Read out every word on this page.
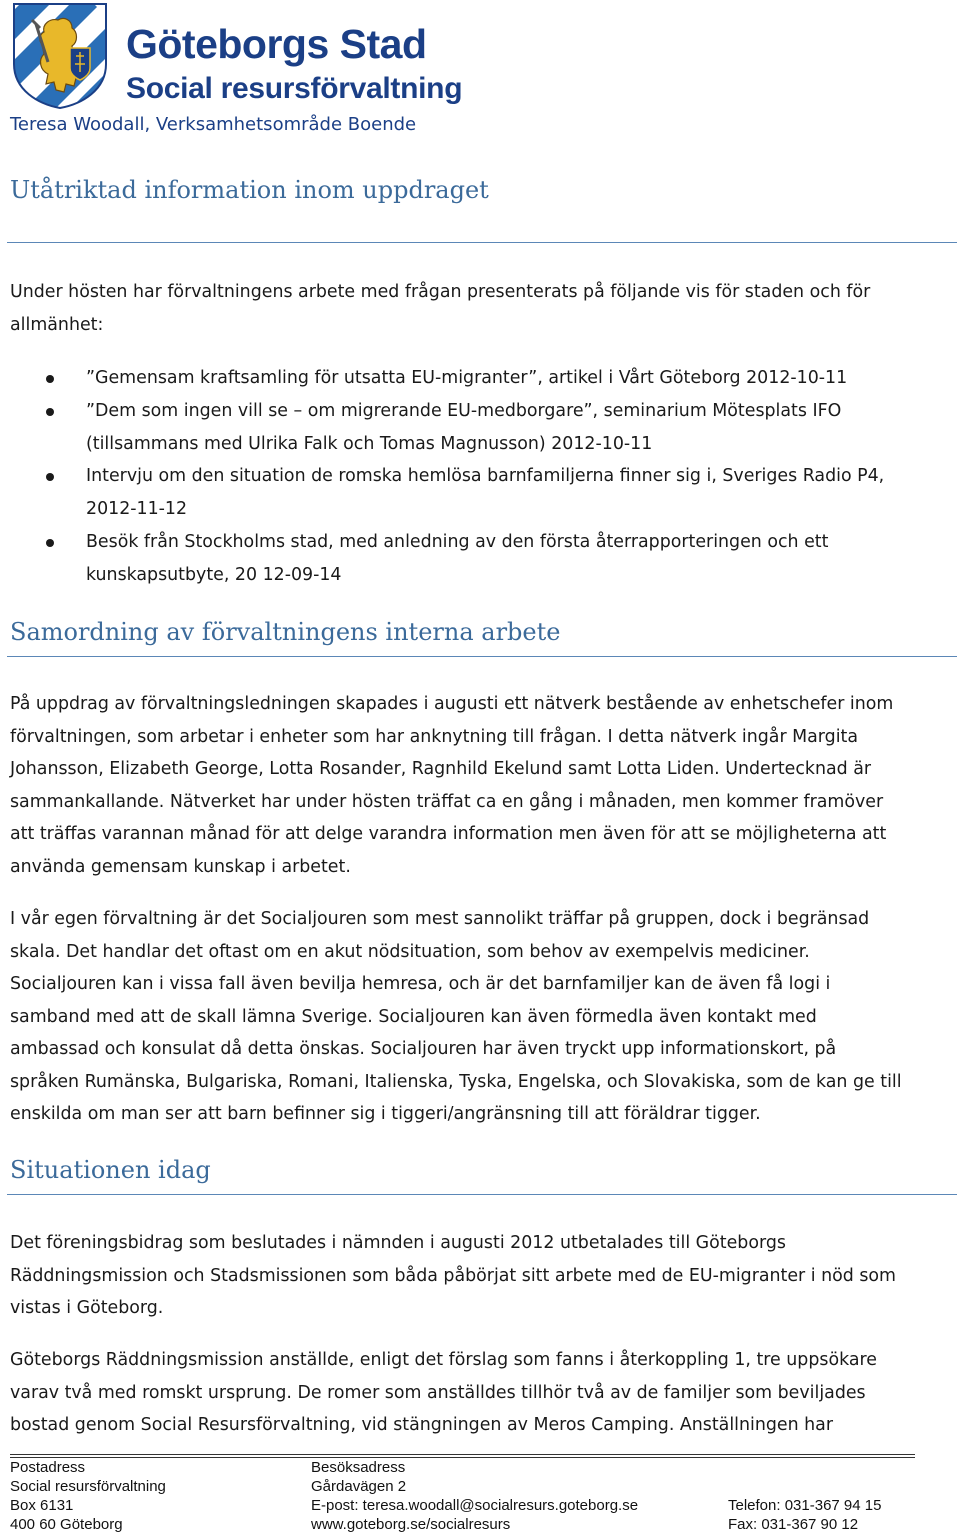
Göteborgs Stad
Social resursförvaltning
Teresa Woodall, Verksamhetsområde Boende
Utåtriktad information inom uppdraget
Under hösten har förvaltningens arbete med frågan presenterats på följande vis för staden och för
allmänhet:
”Gemensam kraftsamling för utsatta EU-migranter”, artikel i Vårt Göteborg 2012-10-11
”Dem som ingen vill se – om migrerande EU-medborgare”, seminarium Mötesplats IFO
(tillsammans med Ulrika Falk och Tomas Magnusson) 2012-10-11
Intervju om den situation de romska hemlösa barnfamiljerna finner sig i, Sveriges Radio P4,
2012-11-12
Besök från Stockholms stad, med anledning av den första återrapporteringen och ett
kunskapsutbyte, 20 12-09-14
Samordning av förvaltningens interna arbete
På uppdrag av förvaltningsledningen skapades i augusti ett nätverk bestående av enhetschefer inom
förvaltningen, som arbetar i enheter som har anknytning till frågan. I detta nätverk ingår Margita
Johansson, Elizabeth George, Lotta Rosander, Ragnhild Ekelund samt Lotta Liden. Undertecknad är
sammankallande. Nätverket har under hösten träffat ca en gång i månaden, men kommer framöver
att träffas varannan månad för att delge varandra information men även för att se möjligheterna att
använda gemensam kunskap i arbetet.
I vår egen förvaltning är det Socialjouren som mest sannolikt träffar på gruppen, dock i begränsad
skala. Det handlar det oftast om en akut nödsituation, som behov av exempelvis mediciner.
Socialjouren kan i vissa fall även bevilja hemresa, och är det barnfamiljer kan de även få logi i
samband med att de skall lämna Sverige. Socialjouren kan även förmedla även kontakt med
ambassad och konsulat då detta önskas. Socialjouren har även tryckt upp informationskort, på
språken Rumänska, Bulgariska, Romani, Italienska, Tyska, Engelska, och Slovakiska, som de kan ge till
enskilda om man ser att barn befinner sig i tiggeri/angränsning till att föräldrar tigger.
Situationen idag
Det föreningsbidrag som beslutades i nämnden i augusti 2012 utbetalades till Göteborgs
Räddningsmission och Stadsmissionen som båda påbörjat sitt arbete med de EU-migranter i nöd som
vistas i Göteborg.
Göteborgs Räddningsmission anställde, enligt det förslag som fanns i återkoppling 1, tre uppsökare
varav två med romskt ursprung. De romer som anställdes tillhör två av de familjer som beviljades
bostad genom Social Resursförvaltning, vid stängningen av Meros Camping. Anställningen har
Postadress
Social resursförvaltning
Box 6131
400 60 Göteborg
Besöksadress
Gårdavägen 2
E-post: teresa.woodall@socialresurs.goteborg.se
www.goteborg.se/socialresurs
Telefon: 031-367 94 15
Fax: 031-367 90 12
